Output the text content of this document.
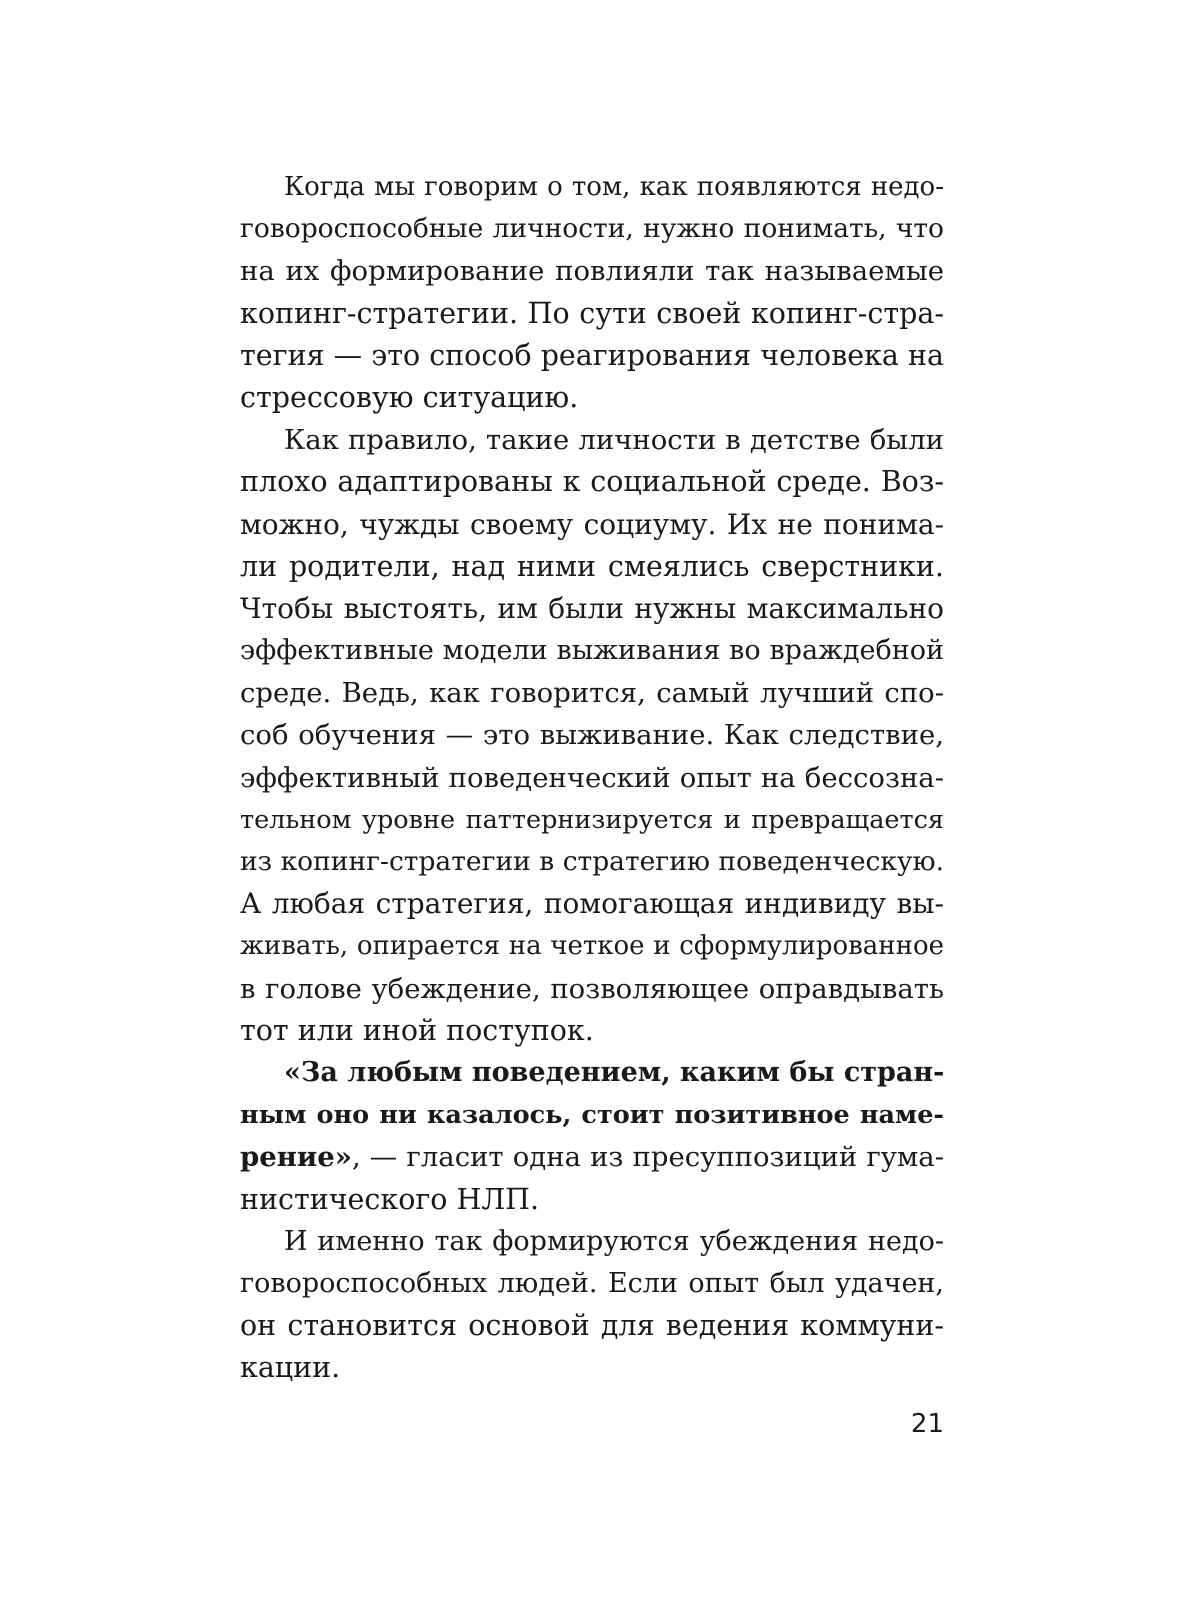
Когда мы говорим о том, как появляются недо-
говороспособные личности, нужно понимать, что
на их формирование повлияли так называемые
копинг-стратегии. По сути своей копинг-стра-
тегия — это способ реагирования человека на
стрессовую ситуацию.
Как правило, такие личности в детстве были
плохо адаптированы к социальной среде. Воз-
можно, чужды своему социуму. Их не понима-
ли родители, над ними смеялись сверстники.
Чтобы выстоять, им были нужны максимально
эффективные модели выживания во враждебной
среде. Ведь, как говорится, самый лучший спо-
соб обучения — это выживание. Как следствие,
эффективный поведенческий опыт на бессозна-
тельном уровне паттернизируется и превращается
из копинг-стратегии в стратегию поведенческую.
А любая стратегия, помогающая индивиду вы-
живать, опирается на четкое и сформулированное
в голове убеждение, позволяющее оправдывать
тот или иной поступок.
«За любым поведением, каким бы стран-
ным оно ни казалось, стоит позитивное наме-
рение», — гласит одна из пресуппозиций гума-
нистического НЛП.
И именно так формируются убеждения недо-
говороспособных людей. Если опыт был удачен,
он становится основой для ведения коммуни-
кации.
21
